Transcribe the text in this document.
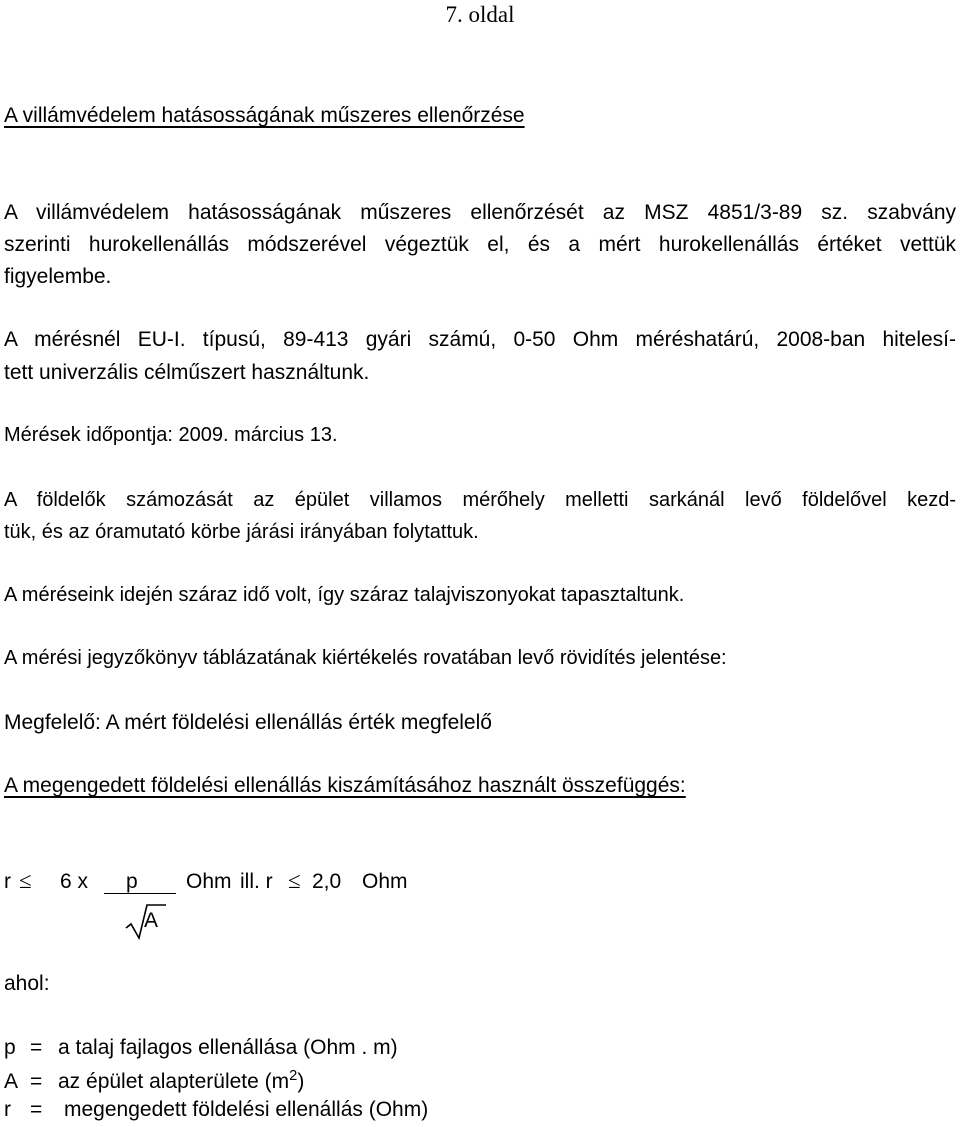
7. oldal
A villámvédelem hatásosságának műszeres ellenőrzése
A villámvédelem hatásosságának műszeres ellenőrzését az MSZ 4851/3-89 sz. szabvány
szerinti hurokellenállás módszerével végeztük el, és a mért hurokellenállás értéket vettük
figyelembe.
A mérésnél EU-I. típusú, 89-413 gyári számú, 0-50 Ohm méréshatárú, 2008-ban hitelesí-
tett univerzális célműszert használtunk.
Mérések időpontja: 2009. március 13.
A földelők számozását az épület villamos mérőhely melletti sarkánál levő földelővel kezd-
tük, és az óramutató körbe járási irányában folytattuk.
A méréseink idején száraz idő volt, így száraz talajviszonyokat tapasztaltunk.
A mérési jegyzőkönyv táblázatának kiértékelés rovatában levő rövidítés jelentése:
Megfelelő: A mért földelési ellenállás érték megfelelő
A megengedett földelési ellenállás kiszámításához használt összefüggés:
r ≤ 6 x	p	Ohm ill. r ≤ 2,0 Ohm
A
ahol:
p = a talaj fajlagos ellenállása (Ohm . m)
A = az épület alapterülete $(m^2)$
r = megengedett földelési ellenállás (Ohm)
